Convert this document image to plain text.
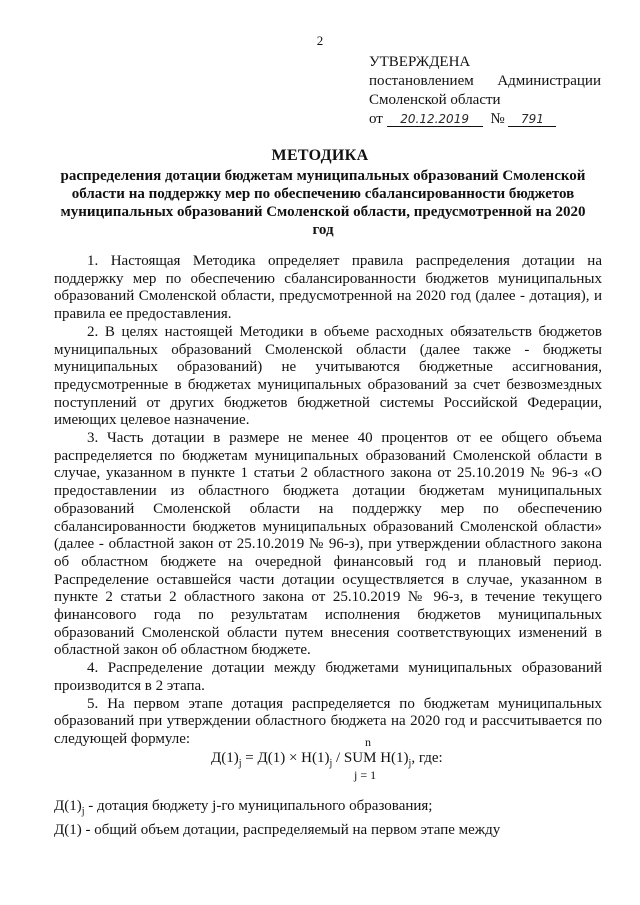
2
УТВЕРЖДЕНА
постановлением Администрации
Смоленской области
от 20.12.2019 № 791
МЕТОДИКА
распределения дотации бюджетам муниципальных образований Смоленской области на поддержку мер по обеспечению сбалансированности бюджетов муниципальных образований Смоленской области, предусмотренной на 2020 год

1. Настоящая Методика определяет правила распределения дотации на поддержку мер по обеспечению сбалансированности бюджетов муниципальных образований Смоленской области, предусмотренной на 2020 год (далее - дотация), и правила ее предоставления.

2. В целях настоящей Методики в объеме расходных обязательств бюджетов муниципальных образований Смоленской области (далее также - бюджеты муниципальных образований) не учитываются бюджетные ассигнования, предусмотренные в бюджетах муниципальных образований за счет безвозмездных поступлений от других бюджетов бюджетной системы Российской Федерации, имеющих целевое назначение.

3. Часть дотации в размере не менее 40 процентов от ее общего объема распределяется по бюджетам муниципальных образований Смоленской области в случае, указанном в пункте 1 статьи 2 областного закона от 25.10.2019 № 96-з «О предоставлении из областного бюджета дотации бюджетам муниципальных образований Смоленской области на поддержку мер по обеспечению сбалансированности бюджетов муниципальных образований Смоленской области» (далее - областной закон от 25.10.2019 № 96-з), при утверждении областного закона об областном бюджете на очередной финансовый год и плановый период. Распределение оставшейся части дотации осуществляется в случае, указанном в пункте 2 статьи 2 областного закона от 25.10.2019 № 96-з, в течение текущего финансового года по результатам исполнения бюджетов муниципальных образований Смоленской области путем внесения соответствующих изменений в областной закон об областном бюджете.

4. Распределение дотации между бюджетами муниципальных образований производится в 2 этапа.

5. На первом этапе дотация распределяется по бюджетам муниципальных образований при утверждении областного бюджета на 2020 год и рассчитывается по следующей формуле:	n
$Д(1)_j = Д(1) \times Н(1)_j$ / SUM $Н(1)_j$, где:
j = 1

$Д(1)_j$ - дотация бюджету j-го муниципального образования;

Д(1) - общий объем дотации, распределяемый на первом этапе между
